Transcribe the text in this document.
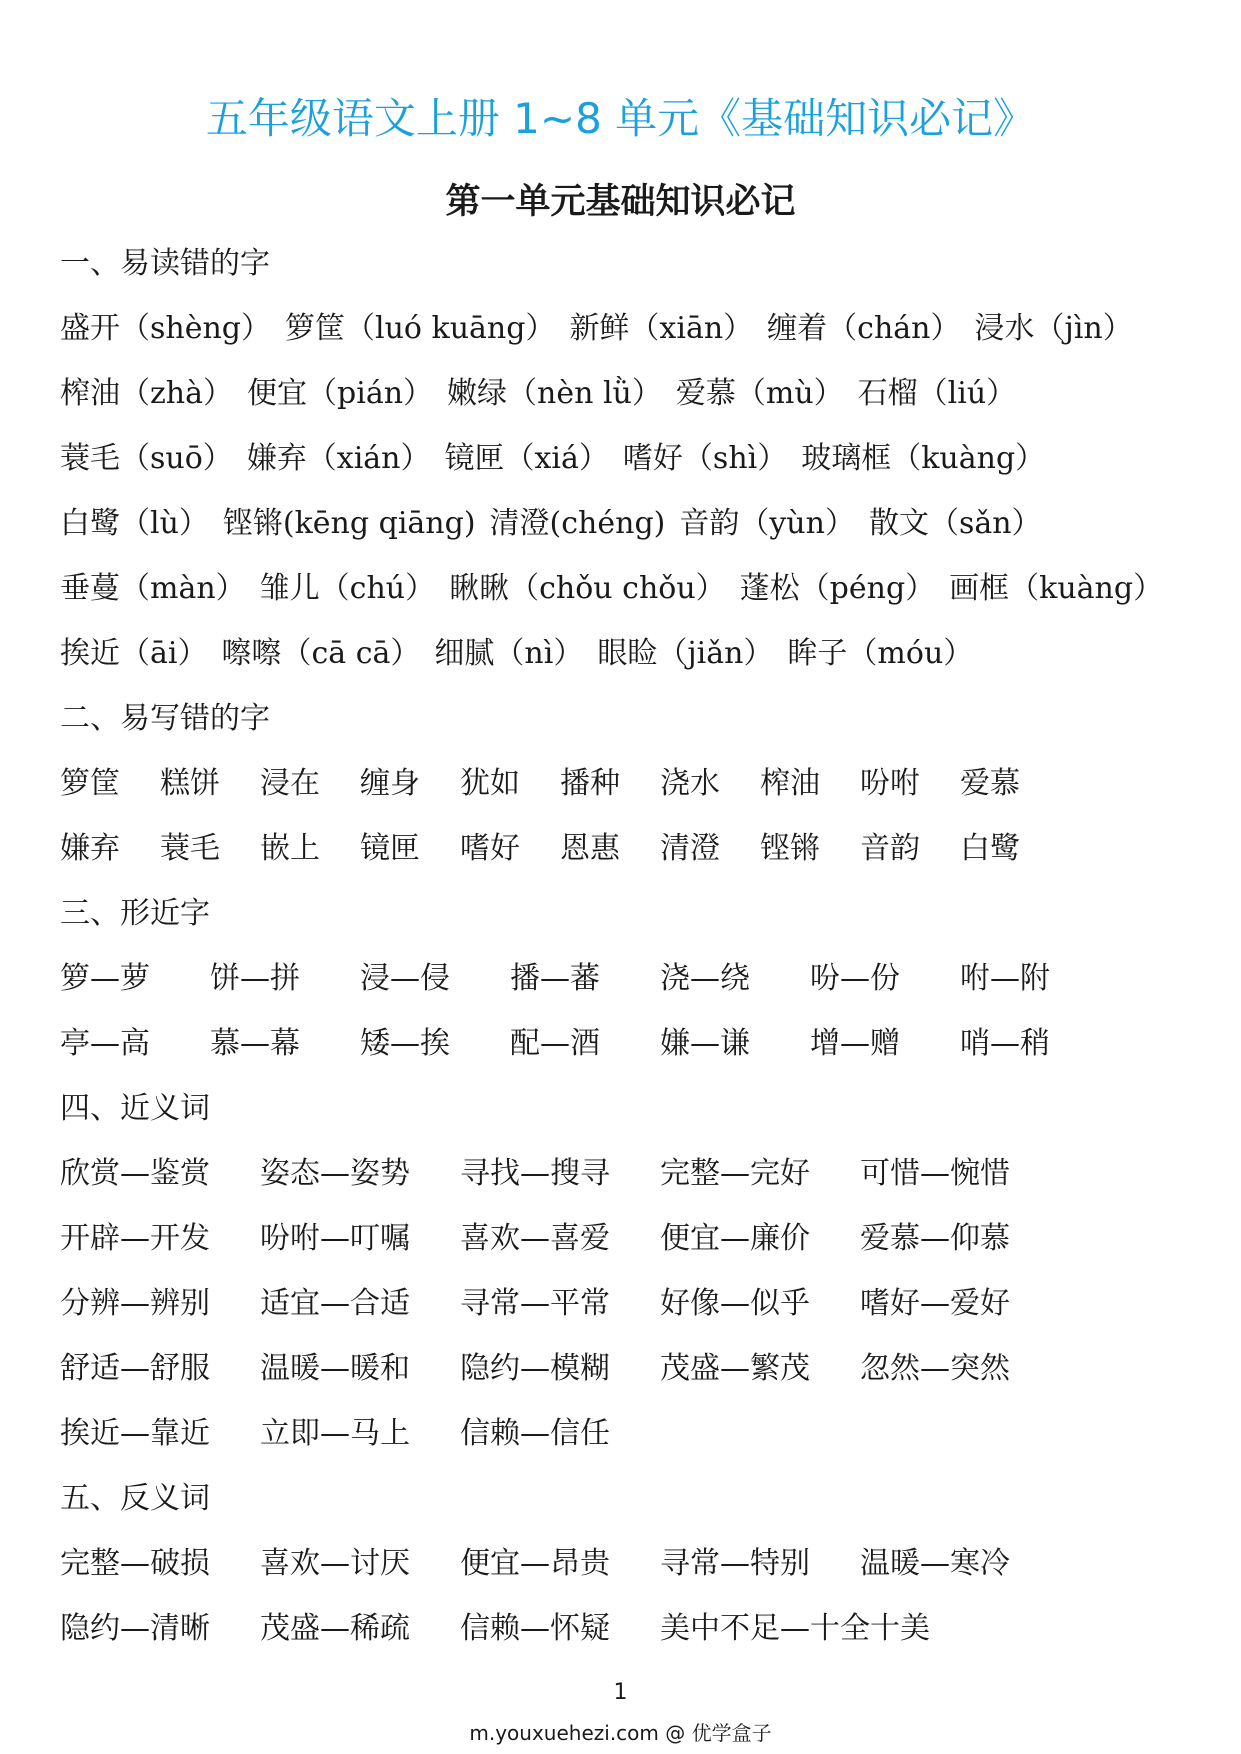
五年级语文上册 1~8 单元《基础知识必记》
第一单元基础知识必记
一、易读错的字
盛开（shèng） 箩筐（luó kuāng） 新鲜（xiān） 缠着（chán） 浸水（jìn）
榨油（zhà） 便宜（pián） 嫩绿（nèn lǜ） 爱慕（mù） 石榴（liú）
蓑毛（suō） 嫌弃（xián） 镜匣（xiá） 嗜好（shì） 玻璃框（kuàng）
白鹭（lù） 铿锵(kēng qiāng) 清澄(chéng) 音韵（yùn） 散文（sǎn）
垂蔓（màn） 雏儿（chú） 瞅瞅（chǒu chǒu） 蓬松（péng） 画框（kuàng）
挨近（āi） 嚓嚓（cā cā） 细腻（nì） 眼睑（jiǎn） 眸子（móu）
二、易写错的字
箩筐	糕饼	浸在	缠身	犹如	播种	浇水	榨油	吩咐	爱慕
嫌弃	蓑毛	嵌上	镜匣	嗜好	恩惠	清澄	铿锵	音韵	白鹭
三、形近字
箩—萝	饼—拼	浸—侵	播—蕃	浇—绕	吩—份	咐—附
亭—高	慕—幕	矮—挨	配—酒	嫌—谦	增—赠	哨—稍
四、近义词
欣赏—鉴赏	姿态—姿势	寻找—搜寻	完整—完好	可惜—惋惜
开辟—开发	吩咐—叮嘱	喜欢—喜爱	便宜—廉价	爱慕—仰慕
分辨—辨别	适宜—合适	寻常—平常	好像—似乎	嗜好—爱好
舒适—舒服	温暖—暖和	隐约—模糊	茂盛—繁茂	忽然—突然
挨近—靠近	立即—马上	信赖—信任
五、反义词
完整—破损	喜欢—讨厌	便宜—昂贵	寻常—特别	温暖—寒冷
隐约—清晰	茂盛—稀疏	信赖—怀疑	美中不足—十全十美
1
m.youxuehezi.com @ 优学盒子
